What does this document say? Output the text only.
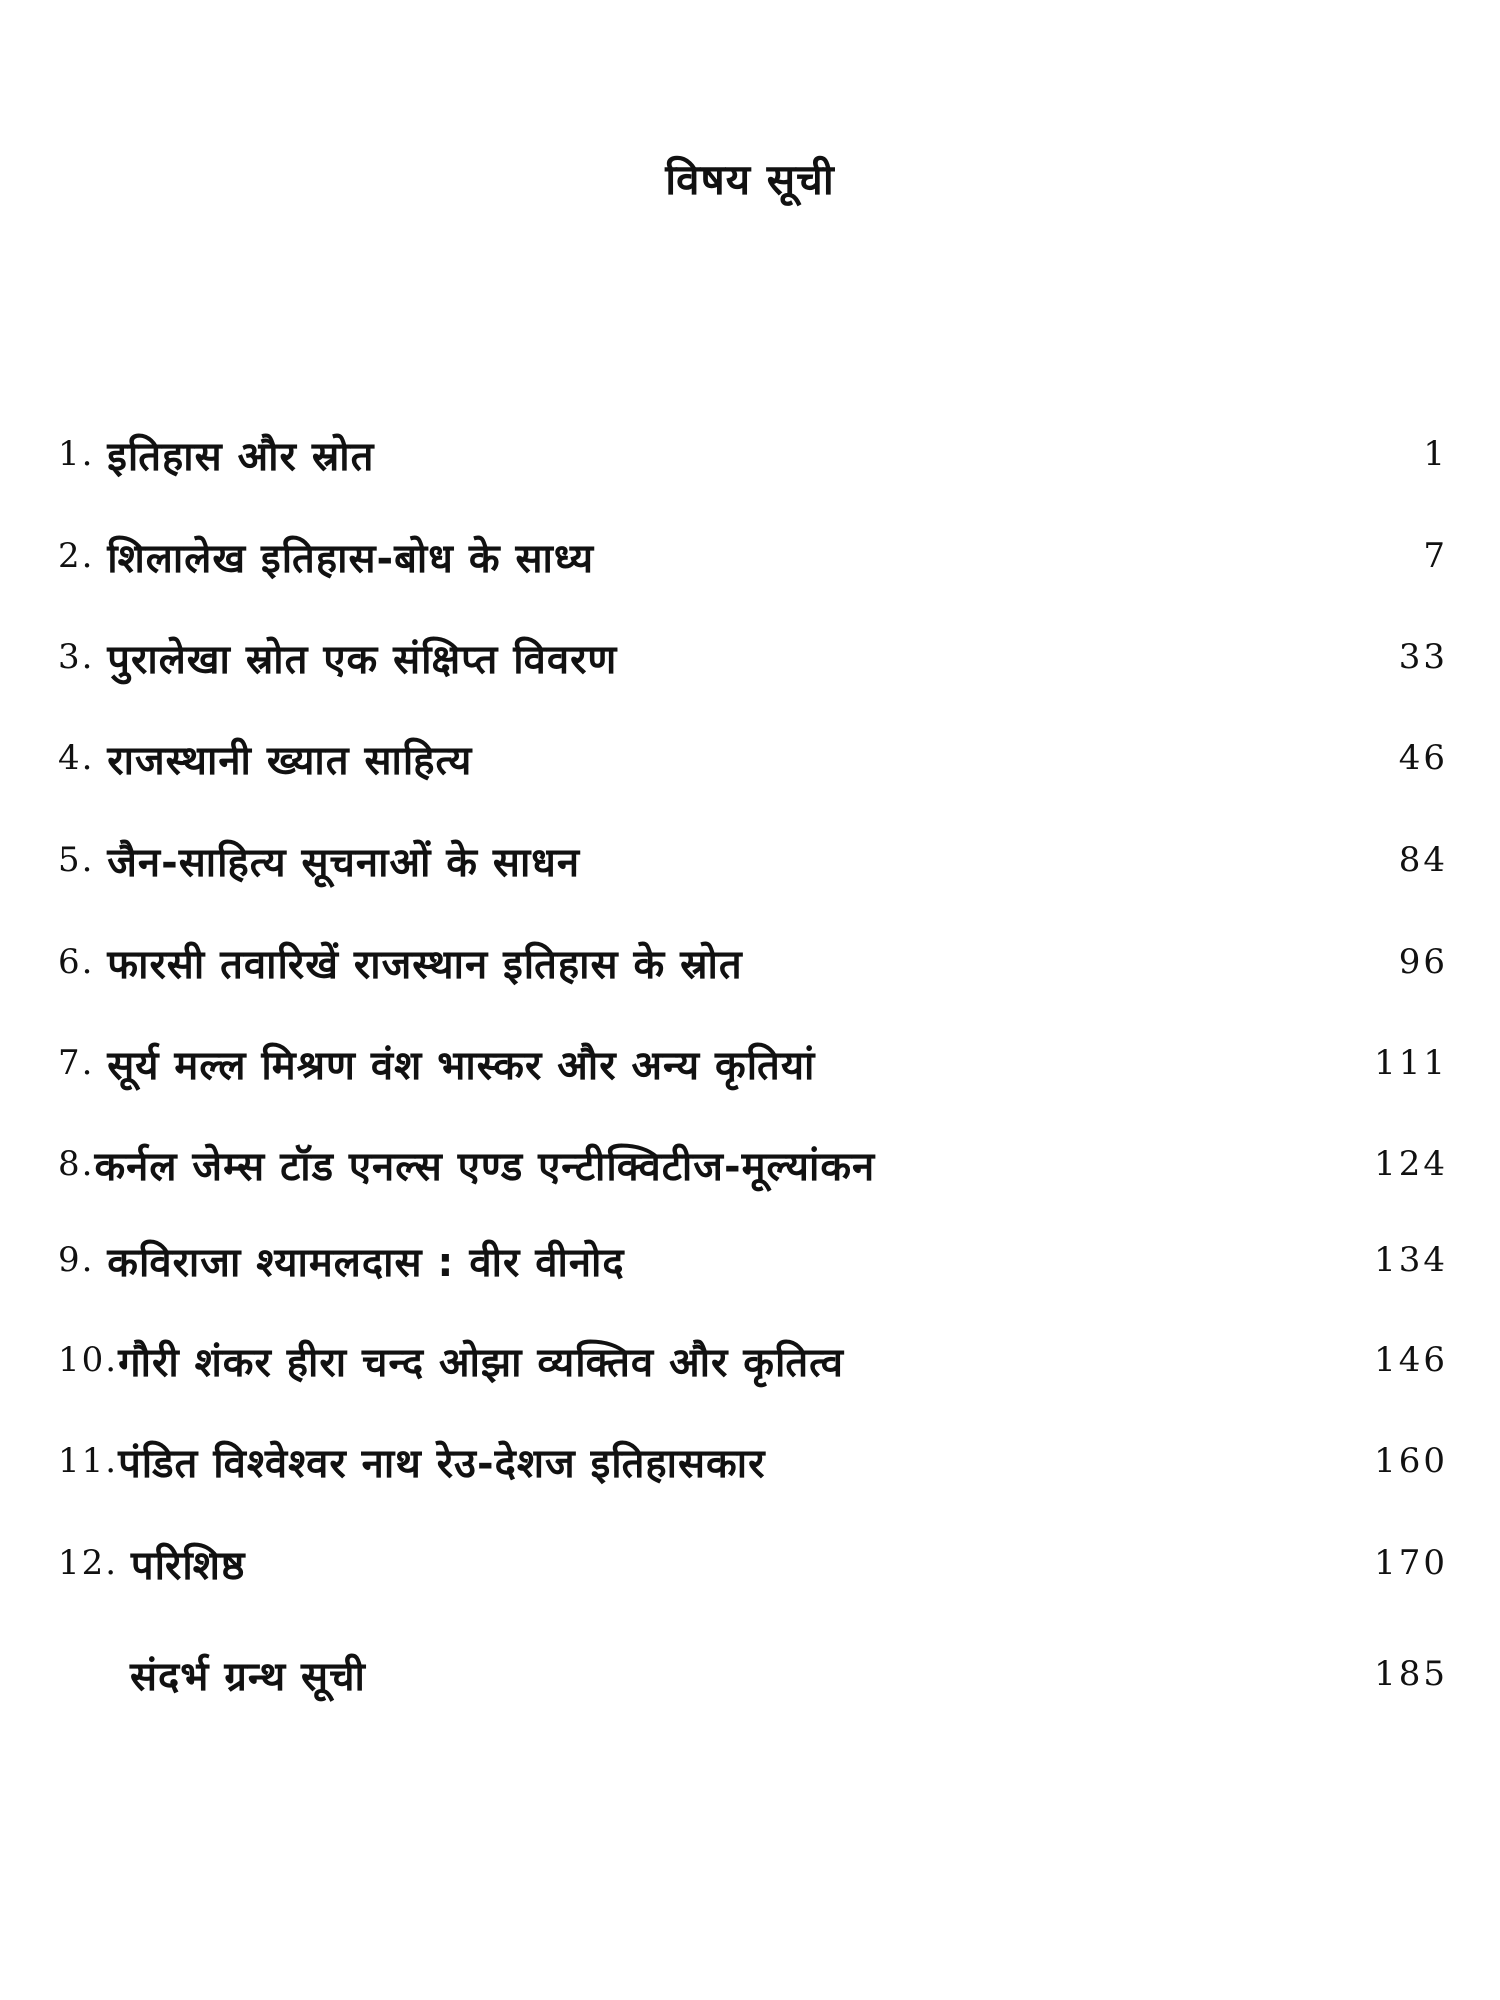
विषय सूची
1. इतिहास और स्रोत	1
2. शिलालेख इतिहास-बोध के साध्य	7
3. पुरालेखा स्रोत एक संक्षिप्त विवरण	33
4. राजस्थानी ख्यात साहित्य	46
5. जैन-साहित्य सूचनाओं के साधन	84
6. फारसी तवारिखें राजस्थान इतिहास के स्रोत	96
7. सूर्य मल्ल मिश्रण वंश भास्कर और अन्य कृतियां	111
8. कर्नल जेम्स टॉड एनल्स एण्ड एन्टीक्विटीज-मूल्यांकन	124
9. कविराजा श्यामलदास : वीर वीनोद	134
10. गौरी शंकर हीरा चन्द ओझा व्यक्तिव और कृतित्व	146
11. पंडित विश्वेश्वर नाथ रेउ-देशज इतिहासकार	160
12. परिशिष्ठ	170
संदर्भ ग्रन्थ सूची	185
